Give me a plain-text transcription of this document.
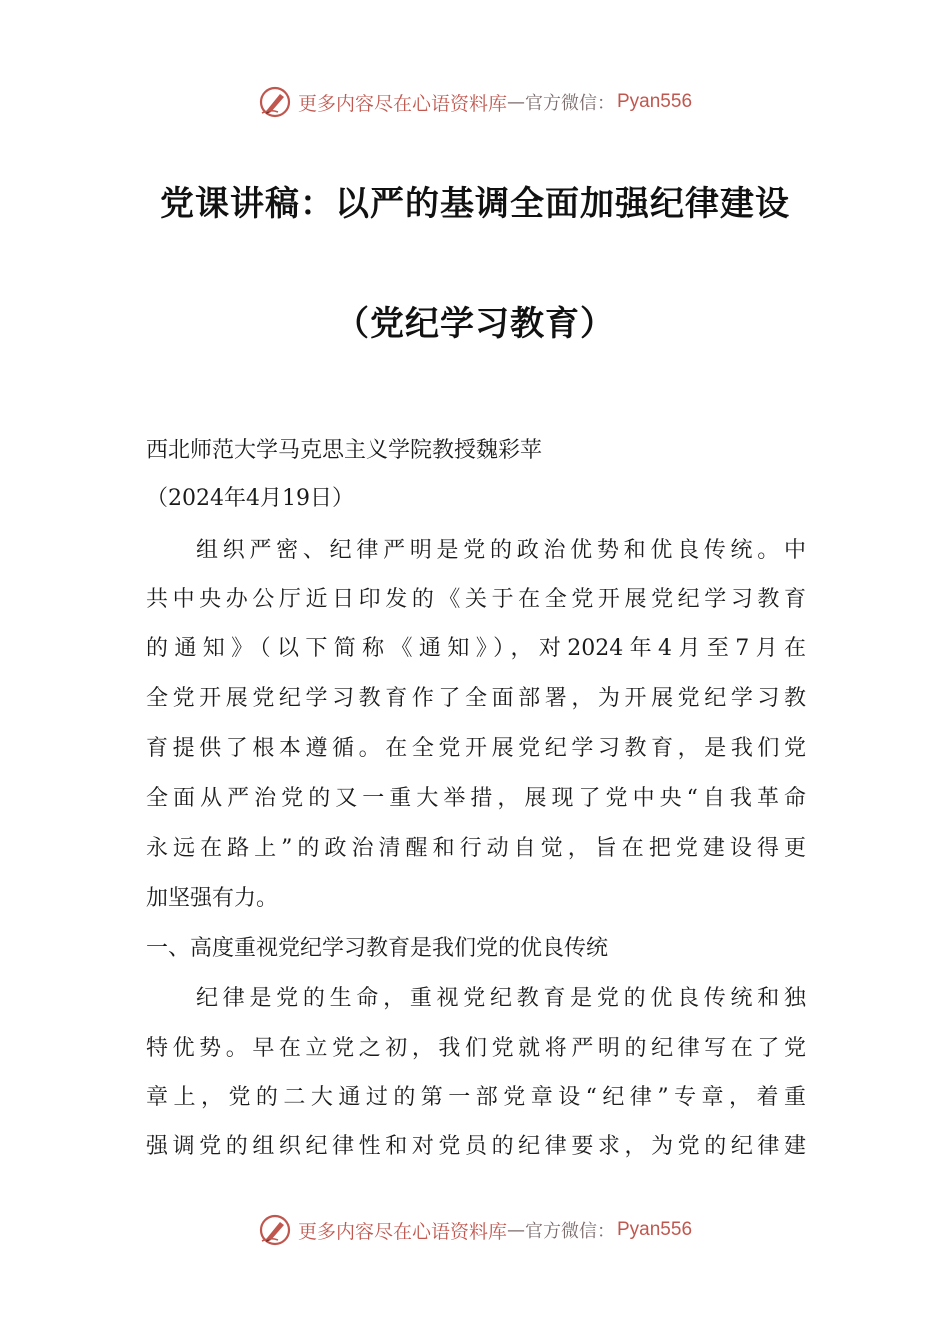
更多内容尽在心语资料库 — 官方微信： Pyan556
党课讲稿：以严的基调全面加强纪律建设
（党纪学习教育）
西北师范大学马克思主义学院教授魏彩苹
（2024年4月19日）
组织严密、纪律严明是党的政治优势和优良传统。中
共中央办公厅近日印发的《关于在全党开展党纪学习教育
的通知》（以下简称《通知》），对2024年4月至7月在
全党开展党纪学习教育作了全面部署，为开展党纪学习教
育提供了根本遵循。在全党开展党纪学习教育，是我们党
全面从严治党的又一重大举措，展现了党中央“自我革命
永远在路上”的政治清醒和行动自觉，旨在把党建设得更
加坚强有力。
一、高度重视党纪学习教育是我们党的优良传统
纪律是党的生命，重视党纪教育是党的优良传统和独
特优势。早在立党之初，我们党就将严明的纪律写在了党
章上，党的二大通过的第一部党章设“纪律”专章，着重
强调党的组织纪律性和对党员的纪律要求，为党的纪律建
更多内容尽在心语资料库 — 官方微信： Pyan556
